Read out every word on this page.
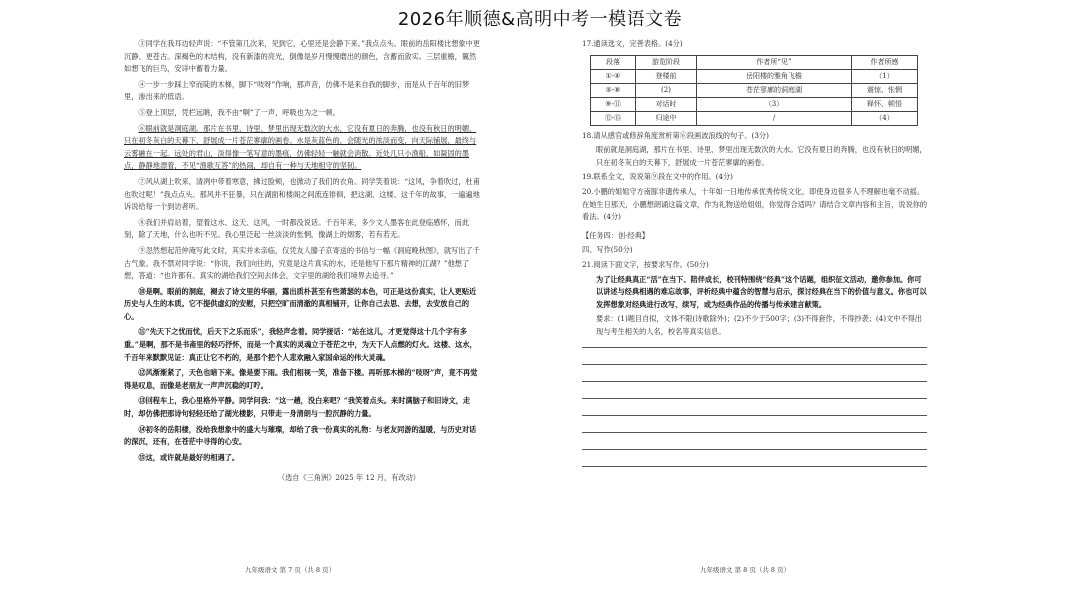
2026年顺德&高明中考一模语文卷

③同学在我耳边轻声说：“不管第几次来，见到它，心里还是会静下来。”我点点头。眼前的岳阳楼比想象中更沉静、更苍古。深褐色的木结构，没有新漆的亮光，倒像是岁月慢慢磨出的颜色，含蓄而敛实。三层重檐，翼然如想飞的巨鸟，安详中蓄着力量。

④一步一步踩上窄而陡的木梯，脚下“吱呀”作响，那声音，仿佛不是来自我的脚步，而是从千百年的旧梦里，渗出来的低语。

⑤登上顶层，凭栏远眺，我不由“啊”了一声，呼吸也为之一顿。

⑥眼前就是洞庭湖。那片在书里、诗里、梦里出现无数次的大水，它没有夏日的奔腾，也没有秋日的明媚，只在初冬灰白的天幕下，舒展成一片苍茫寥廓的画卷。水是灰蓝色的，会随光的浓淡而变，向天际铺展，最终与云雾融在一起。远处的君山，淡得像一笔写意的墨痕，仿佛轻轻一触就会消散。近处几只小渔船，如凝固的墨点，静静地漂着，不见“渔歌互答”的热闹，却自有一种与天地相守的坚韧。

⑦风从湖上吹来，清冽中带着寒意，拂过脸颊，也掀动了我们的衣角。同学笑着说：“这风，争着吹过，杜甫也吹过呢！”我点点头。那风并不狂暴，只在湖面和楼阁之间流连徘徊，把这湖、这楼、这千年的故事，一遍遍地诉说给每一个到访者听。

⑧我们并肩站着，望着这水、这天、这风，一时都没说话。千百年来，多少文人墨客在此登临感怀，而此刻，除了天地，什么也听不见。我心里泛起一丝淡淡的怅惘，像湖上的烟雾，若有若无。

⑨忽然想起范仲淹写此文时，其实并未亲临，仅凭友人滕子京寄送的书信与一幅《洞庭晚秋图》，就写出了千古气象。我不禁对同学说：“你说，我们向往的，究竟是这片真实的水，还是他写下那片精神的江湖？”他想了想，答道：“也许都有。真实的湖给我们空间去体会，文字里的湖给我们境界去追寻。”

⑩是啊。眼前的洞庭，褪去了诗文里的华丽，露出质朴甚至有些萧瑟的本色，可正是这份真实，让人更贴近历史与人生的本质。它不提供虚幻的安慰，只把空旷而清澈的真相铺开，让你自己去思、去想，去安放自己的心。

⑪“先天下之忧而忧，后天下之乐而乐”，我轻声念着。同学接话：“站在这儿，才更觉得这十几个字有多重。”是啊，那不是书斋里的轻巧抒怀，而是一个真实的灵魂立于苍茫之中，为天下人点燃的灯火。这楼、这水，千百年来默默见证：真正让它不朽的，是那个把个人悲欢融入家国命运的伟大灵魂。

⑫风渐渐紧了，天色也暗下来。像是要下雨。我们相视一笑，准备下楼。再听那木梯的“吱呀”声，竟不再觉得是叹息，而像是老朋友一声声沉稳的叮咛。

⑬回程车上，我心里格外平静。同学问我：“这一趟，没白来吧？”我笑着点头。来时满脑子和旧诗文，走时，却仿佛把那诗句轻轻还给了湖光楼影，只带走一身清朗与一腔沉静的力量。

⑭初冬的岳阳楼，没给我想象中的盛大与璀璨，却给了我一份真实的礼物：与老友同游的温暖，与历史对话的深沉，还有，在苍茫中寻得的心安。

⑮这，或许就是最好的相遇了。

（选自《三角洲》2025 年 12 月，有改动）
九年级语文 第 7 页（共 8 页）
17.通读选文，完善表格。(4分)
段落	游览阶段	作者所“见”	作者所感
①-④	登楼前	岳阳楼的雅角飞檐	（1）
⑤-⑧	(2)	苍茫寥廓的洞庭湖	震惊、怅惘
⑨-⑪	对话时	（3）	释怀、顿悟
⑫-⑮	归途中	/	（4）
18.请从感官或修辞角度赏析第⑥段画波浪线的句子。(3分)
眼前就是洞庭湖，那片在书里、诗里、梦里出现无数次的大水。它没有夏日的奔腾，也没有秋日的明媚，只在初冬灰白的天幕下，舒展成一片苍茫寥廓的画卷。
19.联系全文，说说第⑨段在文中的作用。(4分)
20.小鹏的姐姐守方南豚非遗传承人，十年如一日地传承优秀传统文化，即使身边很多人不理解也毫不动摇。在她生日那天，小鹏想朗诵这篇文章，作为礼物送给姐姐，你觉得合适吗？请结合文章内容和主旨，说说你的看法。(4分)
【任务四：创·经典】
四、写作(50分)
21.阅读下面文字，按要求写作。(50分)
为了让经典真正“活”在当下、陪伴成长，校刊特围绕“经典”这个话题，组织征文活动，邀你参加。你可以讲述与经典相遇的难忘故事，评析经典中蕴含的智慧与启示，探讨经典在当下的价值与意义。你也可以发挥想象对经典进行改写、续写，或为经典作品的传播与传承建言献策。
要求：(1)题目自拟，文体不限(诗歌除外)；(2)不少于500字；(3)不得套作，不得抄袭；(4)文中不得出现与考生相关的人名，校名等真实信息。
九年级语文 第 8 页（共 8 页）
